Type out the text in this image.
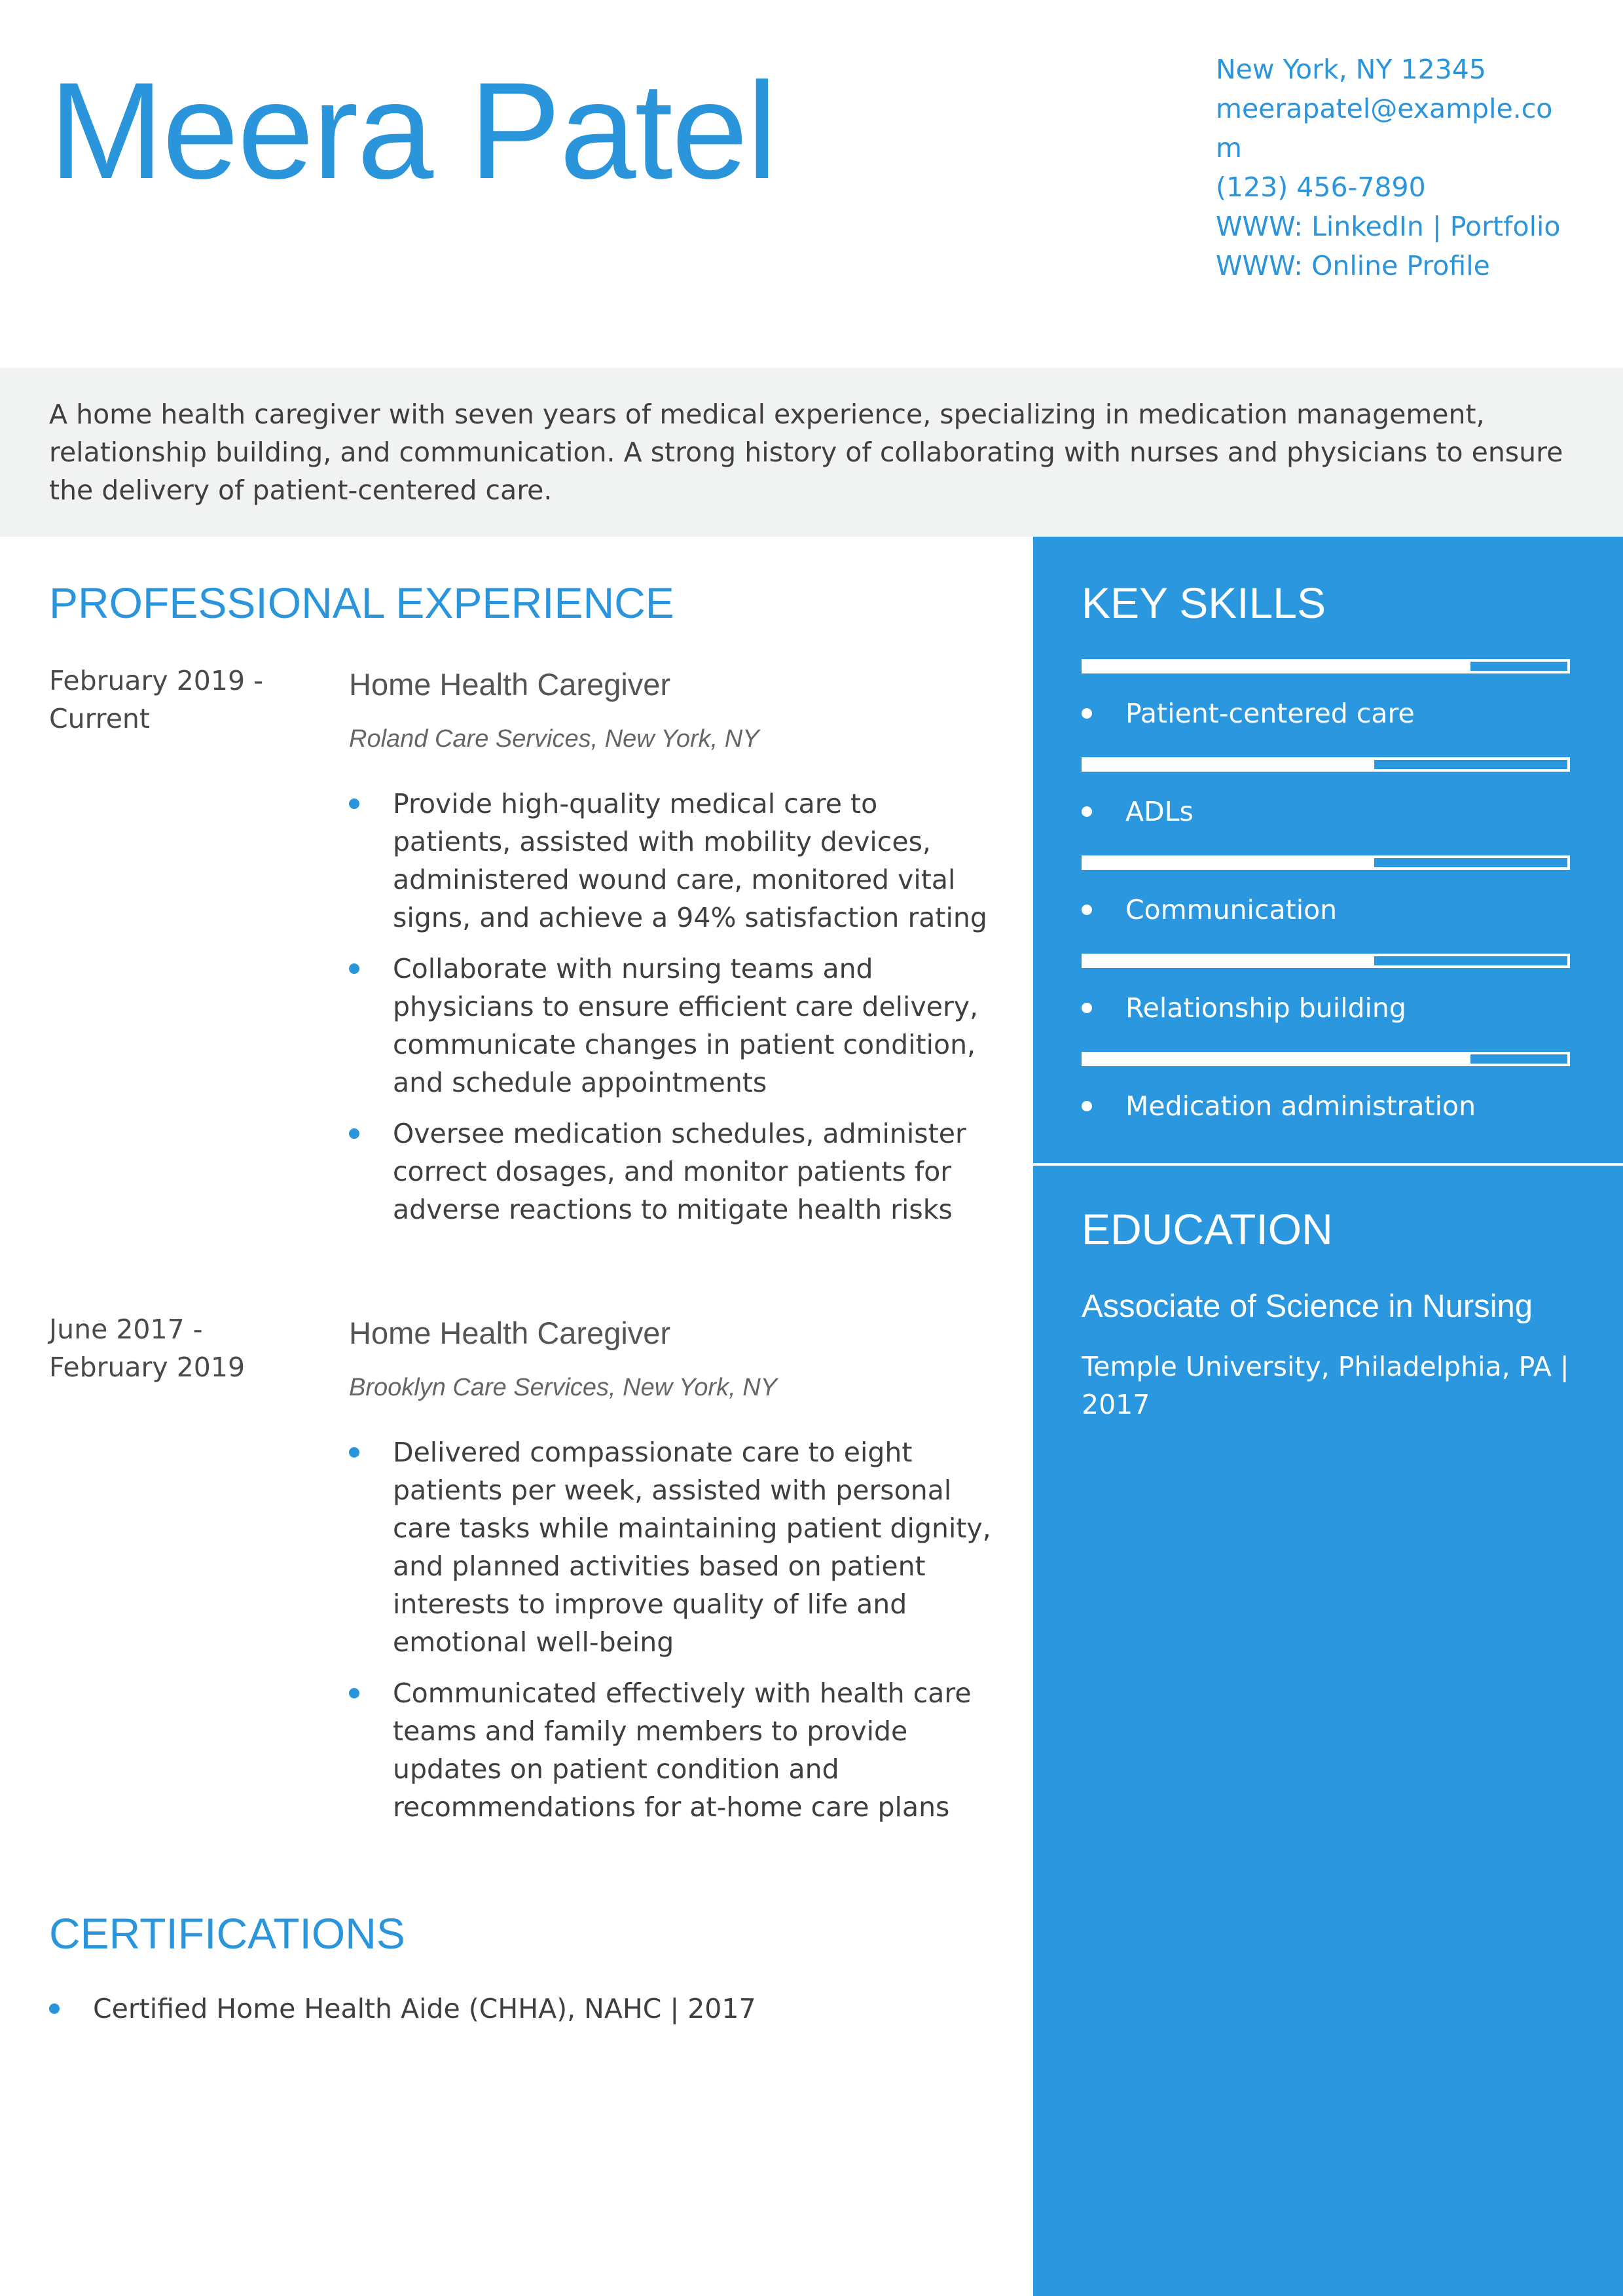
Meera Patel	New York, NY 12345
meerapatel@example.com
(123) 456-7890
WWW: LinkedIn | Portfolio
WWW: Online Profile

A home health caregiver with seven years of medical experience, specializing in medication management, relationship building, and communication. A strong history of collaborating with nurses and physicians to ensure the delivery of patient-centered care.

PROFESSIONAL EXPERIENCE
February 2019 - Current
Home Health Caregiver
Roland Care Services, New York, NY
Provide high-quality medical care to patients, assisted with mobility devices, administered wound care, monitored vital signs, and achieve a 94% satisfaction rating
Collaborate with nursing teams and physicians to ensure efficient care delivery, communicate changes in patient condition, and schedule appointments
Oversee medication schedules, administer correct dosages, and monitor patients for adverse reactions to mitigate health risks
June 2017 - February 2019
Home Health Caregiver
Brooklyn Care Services, New York, NY
Delivered compassionate care to eight patients per week, assisted with personal care tasks while maintaining patient dignity, and planned activities based on patient interests to improve quality of life and emotional well-being
Communicated effectively with health care teams and family members to provide updates on patient condition and recommendations for at-home care plans
CERTIFICATIONS
Certified Home Health Aide (CHHA), NAHC | 2017
KEY SKILLS
Patient-centered care
ADLs
Communication
Relationship building
Medication administration
EDUCATION
Associate of Science in Nursing
Temple University, Philadelphia, PA | 2017
